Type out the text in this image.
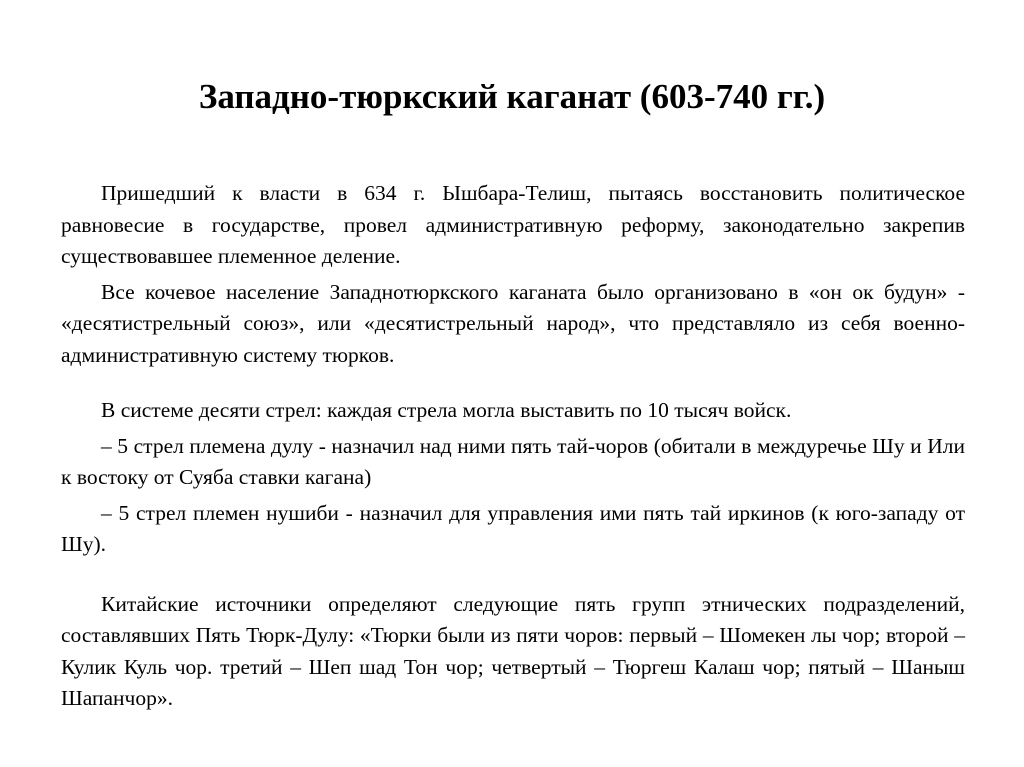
Западно-тюркский каганат (603-740 гг.)

Пришедший к власти в 634 г. Ышбара-Телиш, пытаясь восстановить политическое равновесие в государстве, провел административную реформу, законодательно закрепив существовавшее племенное деление.

Все кочевое население Западнотюркского каганата было организовано в «он ок будун» - «десятистрельный союз», или «десятистрельный народ», что представляло из себя военно-административную систему тюрков.

В системе десяти стрел: каждая стрела могла выставить по 10 тысяч войск.

– 5 стрел племена дулу - назначил над ними пять тай-чоров (обитали в междуречье Шу и Или к востоку от Суяба ставки кагана)

– 5 стрел племен нушиби - назначил для управления ими пять тай иркинов (к юго-западу от Шу).

Китайские источники определяют следующие пять групп этнических подразделений, составлявших Пять Тюрк-Дулу: «Тюрки были из пяти чоров: первый – Шомекен лы чор; второй – Кулик Куль чор. третий – Шеп шад Тон чор; четвертый – Тюргеш Калаш чор; пятый – Шаныш Шапанчор».
